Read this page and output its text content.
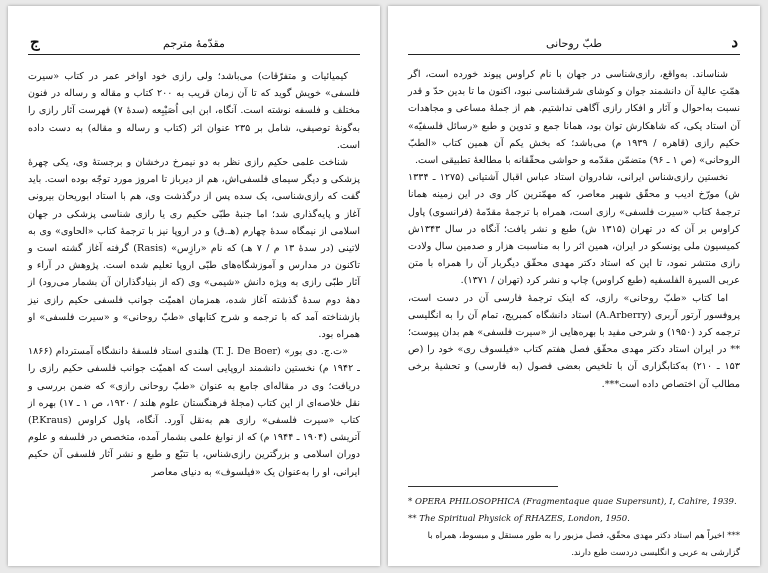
ج	مقدّمهٔ مترجم

کیمیائیات و متفرّقات) می‌باشد؛ ولی رازی خود اواخر عمر در کتاب «سیرت فلسفی» خویش گوید که تا آن زمان قریب به ۲۰۰ کتاب و مقاله و رساله در فنون مختلف و فلسفه نوشته است. آنگاه، ابن ابی اُصَیْبِعه (سدهٔ ۷) فهرست آثار رازی را به‌گونهٔ توصیفی، شامل بر ۲۳۵ عنوان اثر (کتاب و رساله و مقاله) به دست داده است.

شناخت علمی حکیم رازی نظر به دو نیمرخ درخشان و برجستهٔ وی، یکی چهرهٔ پزشکی و دیگر سیمای فلسفی‌اش، هم از دیرباز تا امروز مورد توجّه بوده است. باید گفت که رازی‌شناسی، یک سده پس از درگذشت وی، هم با استاد ابوریحان بیرونی آغاز و پایه‌گذاری شد؛ اما جنبهٔ طبّی حکیم ری یا رازی شناسی پزشکی در جهان اسلامی از نیمگاه سدهٔ چهارم (هـ.ق) و در اروپا نیز با ترجمهٔ کتاب «الحاوی» وی به لاتینی (در سدهٔ ۱۳ م / ۷ هـ) که نام «رازِس» (Rasis) گرفته آغاز گشته است و تاکنون در مدارس و آموزشگاه‌های طبّی اروپا تعلیم شده است. پژوهش در آراء و آثار طبّی رازی به ویژه دانش «شیمی» وی (که از بنیادگذاران آن بشمار می‌رود) از دههٔ دوم سدهٔ گذشته آغاز شده، همزمان اهمیّت جوانب فلسفی حکیم رازی نیز بازشناخته آمد که با ترجمه و شرح کتابهای «طبّ روحانی» و «سیرت فلسفی» او همراه بود.

«ت.ج. دی بور» (T. J. De Boer) هلندی استاد فلسفهٔ دانشگاه آمستردام (۱۸۶۶ ـ ۱۹۴۲ م) نخستین دانشمند اروپایی است که اهمیّت جوانب فلسفی حکیم رازی را دریافت؛ وی در مقاله‌ای جامع به عنوان «طبّ روحانی رازی» که ضمن بررسی و نقل خلاصه‌ای از این کتاب (مجلهٔ فرهنگستان علوم هلند / ۱۹۲۰، ص ۱ ـ ۱۷) بهره از کتاب «سیرت فلسفی» رازی هم به‌نقل آورد. آنگاه، پاول کراوس (P.Kraus) آتریشی (۱۹۰۴ ـ ۱۹۴۴ م) که از نوابغ علمی بشمار آمده، متخصص در فلسفه و علوم دوران اسلامی و بزرگترین رازی‌شناس، با تتبّع و طبع و نشر آثار فلسفی آن حکیم ایرانی، او را به‌عنوان یک «فیلسوف» به دنیای معاصر

د
طبّ روحانی

شناساند. به‌واقع، رازی‌شناسی در جهان با نام کراوس پیوند خورده است، اگر همّتِ عالیهٔ آن دانشمند جوان و کوشای شرقشناسی نبود، اکنون ما تا بدین حدّ و قدر نسبت به‌احوال و آثار و افکار رازی آگاهی نداشتیم. هم از جملهٔ مساعی و مجاهدات آن‌ استاد یکی، که شاهکارش توان بود، همانا جمع و تدوین و طبع «رسائل فلسفیّه» حکیم رازی (قاهره / ۱۹۳۹ م) می‌باشد؛ که بخش یکم آن همین کتاب «الطبّ الروحانی» (ص ۱ ـ ۹۶) متضمّن مقدّمه و حواشی محقّقانه با مطالعهٔ تطبیقی است.

نخستین رازی‌شناس ایرانی، شادروان استاد عباس اقبال آشتیانی (۱۲۷۵ ـ ۱۳۳۴ ش) مورّخ ادیب و محقّق شهیر معاصر، که مهمّترین کار وی در این زمینه همانا ترجمهٔ کتاب «سیرت فلسفی» رازی است، همراه با ترجمهٔ مقدّمهٔ (فرانسوی) پاول کراوس بر آن که در تهران (۱۳۱۵ ش) طبع و نشر یافت؛ آنگاه در سال ۱۳۴۳ش کمیسیون ملی یونسکو در ایران، همین اثر را به مناسبت هزار و صدمین سال ولادت رازی منتشر نمود، تا این که استاد دکتر مهدی محقّق دیگربار آن را همراه با متن عربی السیرة الفلسفیه (طبع کراوس) چاپ و نشر کرد (تهران / ۱۳۷۱).

اما کتاب «طبّ روحانی» رازی، که اینک ترجمهٔ فارسی آن در دست است، پروفسور آرتور آربری (A.Arberry) استاد دانشگاه کمبریج، تمام آن را به انگلیسی ترجمه کرد (۱۹۵۰) و شرحی مفید با بهره‌هایی از «سیرت فلسفی» هم بدان پیوست؛** در ایران استاد دکتر مهدی محقّق فصل هفتم کتاب «فیلسوف ری» خود را (ص ۱۵۳ ـ ۲۱۰) به‌کتابگزاری آن با تلخیص بعضی فصول (به فارسی) و تحشیهٔ برخی مطالب آن اختصاص داده است***.

* OPERA PHILOSOPHICA (Fragmentaque quae Supersunt), I, Cahire, 1939.
** The Spiritual Physick of RHAZES, London, 1950.
*** اخیراً هم استاد دکتر مهدی محقّق، فصل مزبور را به طور مستقل و مبسوط، همراه با گزارشی به عربی و انگلیسی دردست طبع دارند.
